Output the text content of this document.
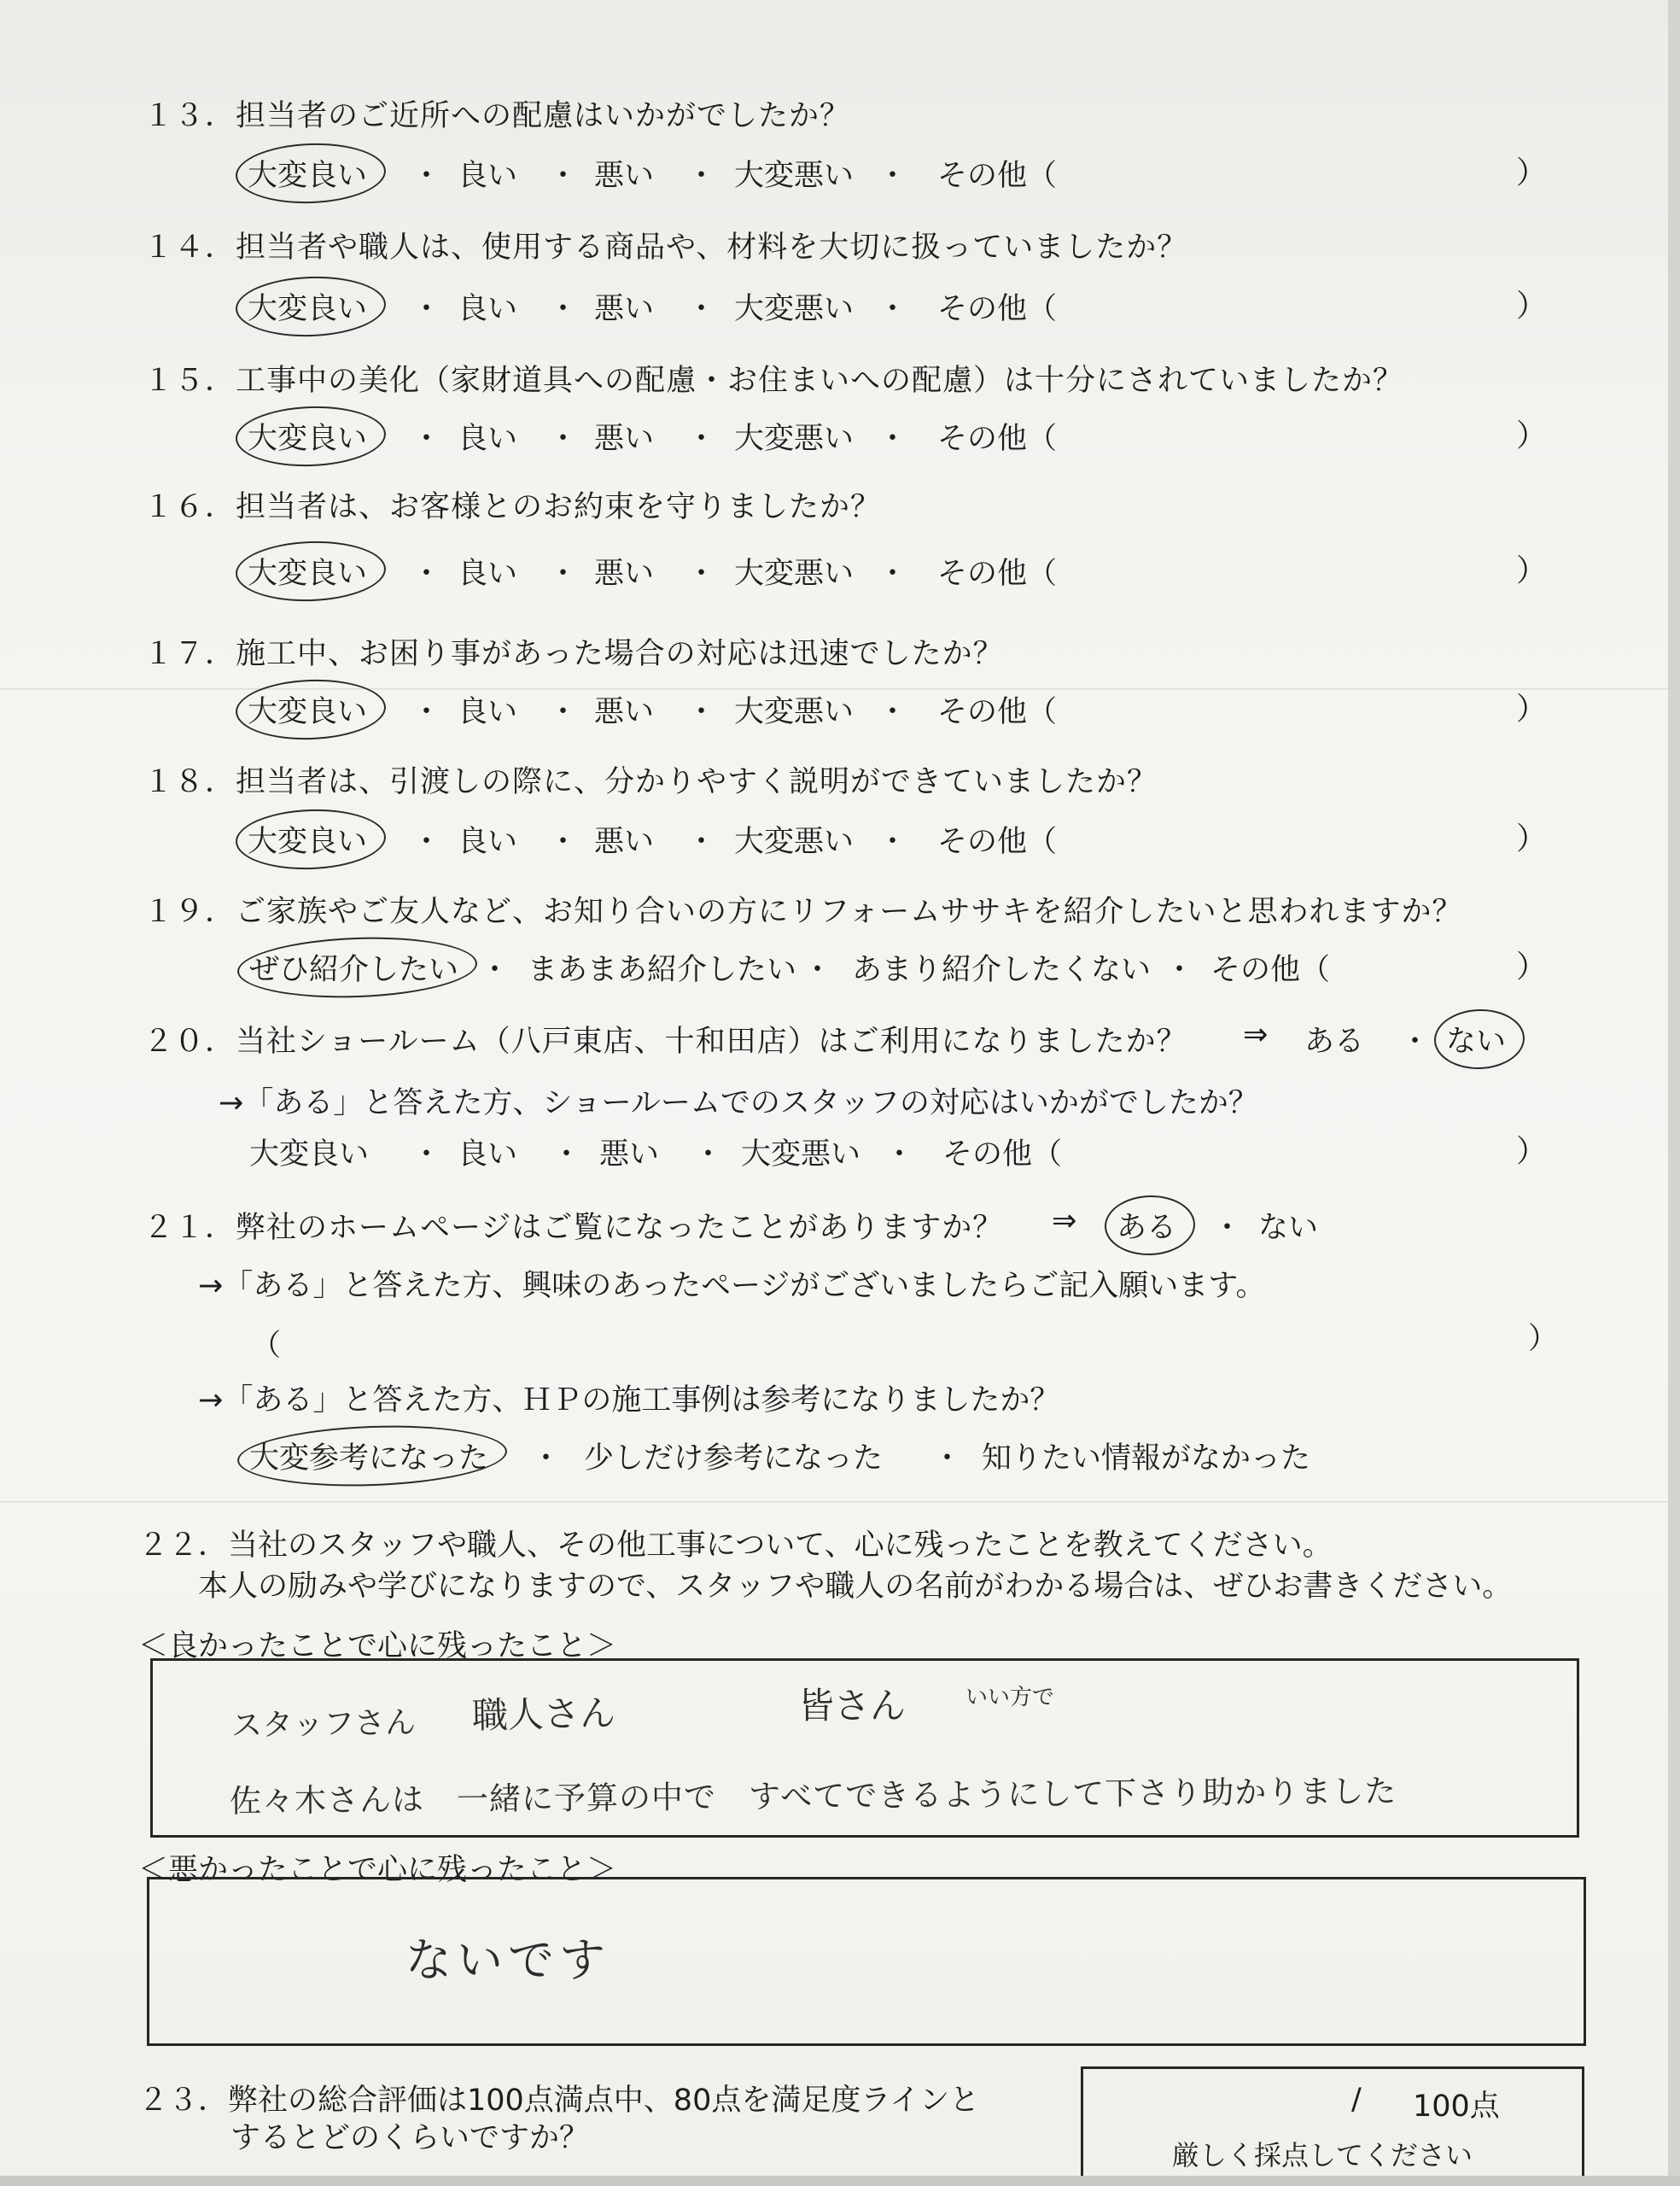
１３．担当者のご近所への配慮はいかがでしたか？
大変良い ・ 良い ・ 悪い ・ 大変悪い ・ その他（	）
１４．担当者や職人は、使用する商品や、材料を大切に扱っていましたか？
大変良い ・ 良い ・ 悪い ・ 大変悪い ・ その他（	）
１５．工事中の美化（家財道具への配慮・お住まいへの配慮）は十分にされていましたか？
大変良い ・ 良い ・ 悪い ・ 大変悪い ・ その他（	）
１６．担当者は、お客様とのお約束を守りましたか？
大変良い ・ 良い ・ 悪い ・ 大変悪い ・ その他（	）
１７．施工中、お困り事があった場合の対応は迅速でしたか？
大変良い ・ 良い ・ 悪い ・ 大変悪い ・ その他（	）
１８．担当者は、引渡しの際に、分かりやすく説明ができていましたか？
大変良い ・ 良い ・ 悪い ・ 大変悪い ・ その他（	）
１９．ご家族やご友人など、お知り合いの方にリフォームササキを紹介したいと思われますか？
ぜひ紹介したい ・ まあまあ紹介したい ・ あまり紹介したくない ・ その他（	）
２０．当社ショールーム（八戸東店、十和田店）はご利用になりましたか？ ⇒ ある ・ ない
→「ある」と答えた方、ショールームでのスタッフの対応はいかがでしたか？
大変良い ・ 良い ・ 悪い ・ 大変悪い ・ その他（	）
２１．弊社のホームページはご覧になったことがありますか？ ⇒ ある ・ ない
→「ある」と答えた方、興味のあったページがございましたらご記入願います。
（	）
→「ある」と答えた方、ＨＰの施工事例は参考になりましたか？
大変参考になった ・ 少しだけ参考になった ・ 知りたい情報がなかった
２２．当社のスタッフや職人、その他工事について、心に残ったことを教えてください。
本人の励みや学びになりますので、スタッフや職人の名前がわかる場合は、ぜひお書きください。
＜良かったことで心に残ったこと＞
スタッフさん 職人さん	皆さん	いい方で
佐々木さんは　一緒に予算の中で　すべてできるようにして下さり助かりました
＜悪かったことで心に残ったこと＞
ないです
２３．弊社の総合評価は100点満点中、80点を満足度ラインと
するとどのくらいですか？
/ 100点
厳しく採点してください
